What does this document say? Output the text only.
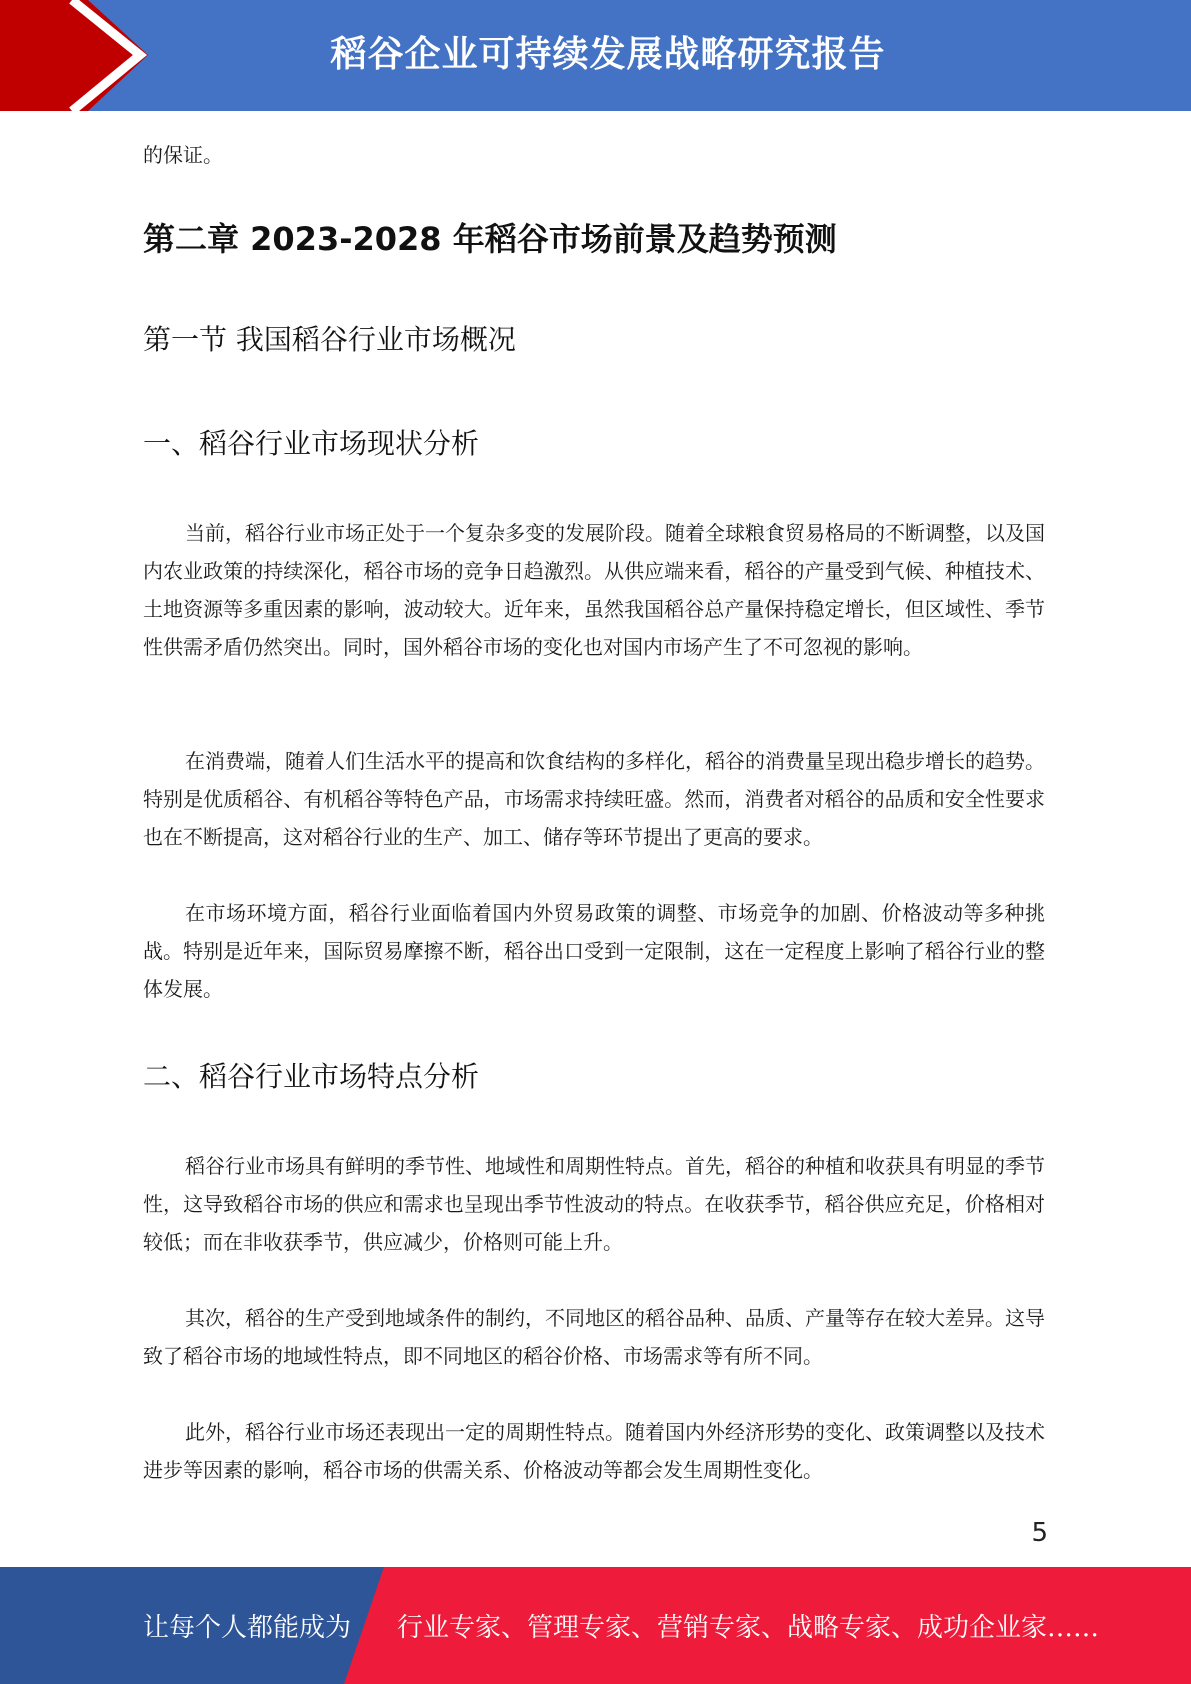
稻谷企业可持续发展战略研究报告
的保证。
第二章 2023-2028 年稻谷市场前景及趋势预测
第一节 我国稻谷行业市场概况
一、稻谷行业市场现状分析

当前，稻谷行业市场正处于一个复杂多变的发展阶段。随着全球粮食贸易格局的不断调整，以及国内农业政策的持续深化，稻谷市场的竞争日趋激烈。从供应端来看，稻谷的产量受到气候、种植技术、土地资源等多重因素的影响，波动较大。近年来，虽然我国稻谷总产量保持稳定增长，但区域性、季节性供需矛盾仍然突出。同时，国外稻谷市场的变化也对国内市场产生了不可忽视的影响。

在消费端，随着人们生活水平的提高和饮食结构的多样化，稻谷的消费量呈现出稳步增长的趋势。特别是优质稻谷、有机稻谷等特色产品，市场需求持续旺盛。然而，消费者对稻谷的品质和安全性要求也在不断提高，这对稻谷行业的生产、加工、储存等环节提出了更高的要求。

在市场环境方面，稻谷行业面临着国内外贸易政策的调整、市场竞争的加剧、价格波动等多种挑战。特别是近年来，国际贸易摩擦不断，稻谷出口受到一定限制，这在一定程度上影响了稻谷行业的整体发展。

二、稻谷行业市场特点分析

稻谷行业市场具有鲜明的季节性、地域性和周期性特点。首先，稻谷的种植和收获具有明显的季节性，这导致稻谷市场的供应和需求也呈现出季节性波动的特点。在收获季节，稻谷供应充足，价格相对较低；而在非收获季节，供应减少，价格则可能上升。

其次，稻谷的生产受到地域条件的制约，不同地区的稻谷品种、品质、产量等存在较大差异。这导致了稻谷市场的地域性特点，即不同地区的稻谷价格、市场需求等有所不同。

此外，稻谷行业市场还表现出一定的周期性特点。随着国内外经济形势的变化、政策调整以及技术进步等因素的影响，稻谷市场的供需关系、价格波动等都会发生周期性变化。

5
让每个人都能成为 行业专家、管理专家、营销专家、战略专家、成功企业家……
